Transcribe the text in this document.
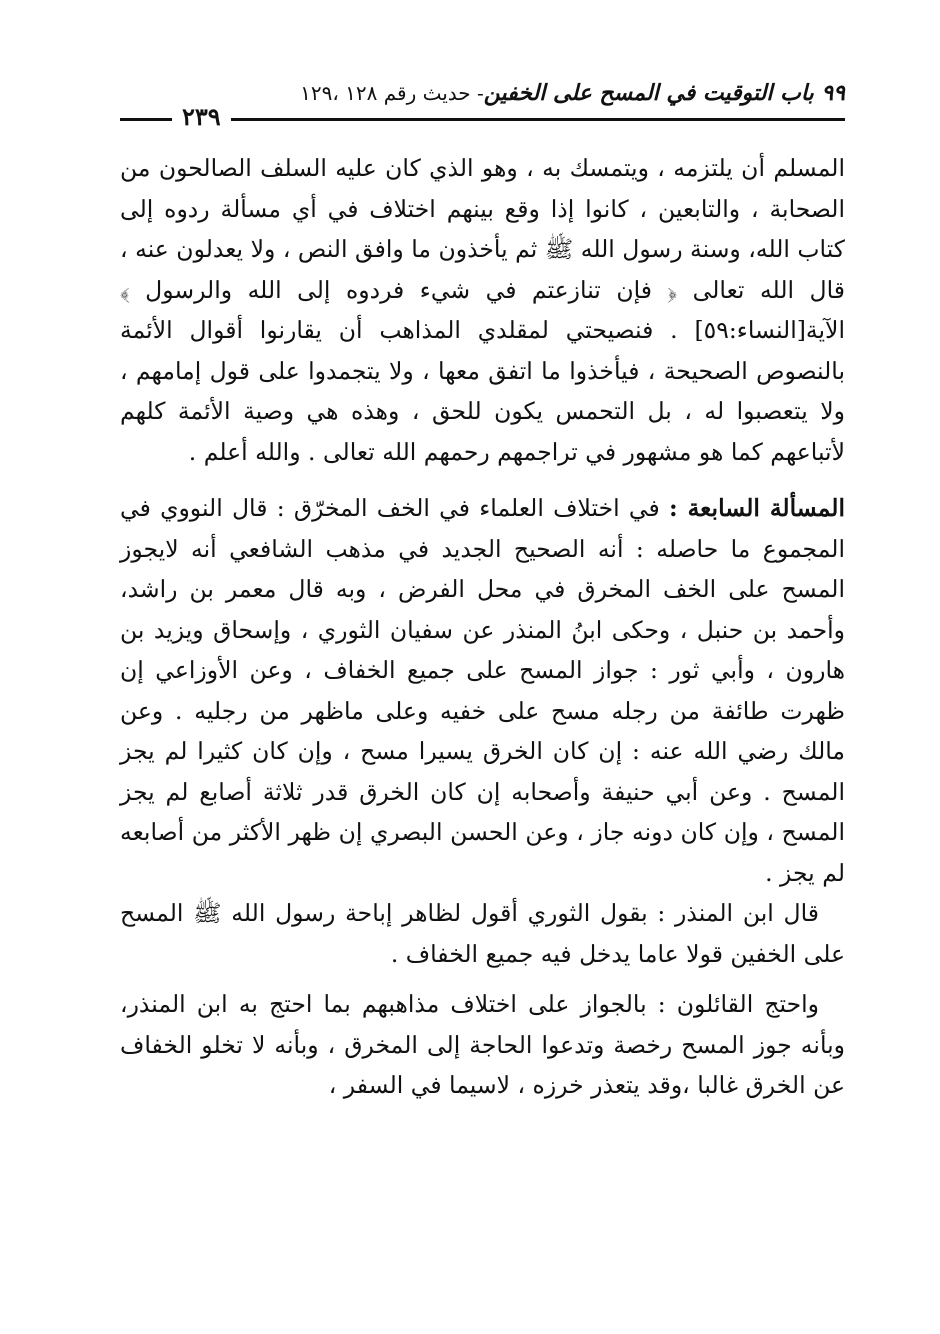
٩٩ باب التوقيت في المسح على الخفين- حديث رقم ١٢٨ ،١٢٩
٢٣٩

المسلم أن يلتزمه ، ويتمسك به ، وهو الذي كان عليه السلف الصالحون من الصحابة ، والتابعين ، كانوا إذا وقع بينهم اختلاف في أي مسألة ردوه إلى كتاب الله، وسنة رسول الله ﷺ ثم يأخذون ما وافق النص ، ولا يعدلون عنه ، قال الله تعالى ﴿ فإن تنازعتم في شيء فردوه إلى الله والرسول ﴾الآية[النساء:٥٩] . فنصيحتي لمقلدي المذاهب أن يقارنوا أقوال الأئمة بالنصوص الصحيحة ، فيأخذوا ما اتفق معها ، ولا يتجمدوا على قول إمامهم ، ولا يتعصبوا له ، بل التحمس يكون للحق ، وهذه هي وصية الأئمة كلهم لأتباعهم كما هو مشهور في تراجمهم رحمهم الله تعالى . والله أعلم .

المسألة السابعة : في اختلاف العلماء في الخف المخرّق : قال النووي في المجموع ما حاصله : أنه الصحيح الجديد في مذهب الشافعي أنه لايجوز المسح على الخف المخرق في محل الفرض ، وبه قال معمر بن راشد، وأحمد بن حنبل ، وحكى ابنُ المنذر عن سفيان الثوري ، وإسحاق ويزيد بن هارون ، وأبي ثور : جواز المسح على جميع الخفاف ، وعن الأوزاعي إن ظهرت طائفة من رجله مسح على خفيه وعلى ماظهر من رجليه . وعن مالك رضي الله عنه : إن كان الخرق يسيرا مسح ، وإن كان كثيرا لم يجز المسح . وعن أبي حنيفة وأصحابه إن كان الخرق قدر ثلاثة أصابع لم يجز المسح ، وإن كان دونه جاز ، وعن الحسن البصري إن ظهر الأكثر من أصابعه لم يجز .

قال ابن المنذر : بقول الثوري أقول لظاهر إباحة رسول الله ﷺ المسح على الخفين قولا عاما يدخل فيه جميع الخفاف .

واحتج القائلون : بالجواز على اختلاف مذاهبهم بما احتج به ابن المنذر، وبأنه جوز المسح رخصة وتدعوا الحاجة إلى المخرق ، وبأنه لا تخلو الخفاف عن الخرق غالبا ،وقد يتعذر خرزه ، لاسيما في السفر ،
